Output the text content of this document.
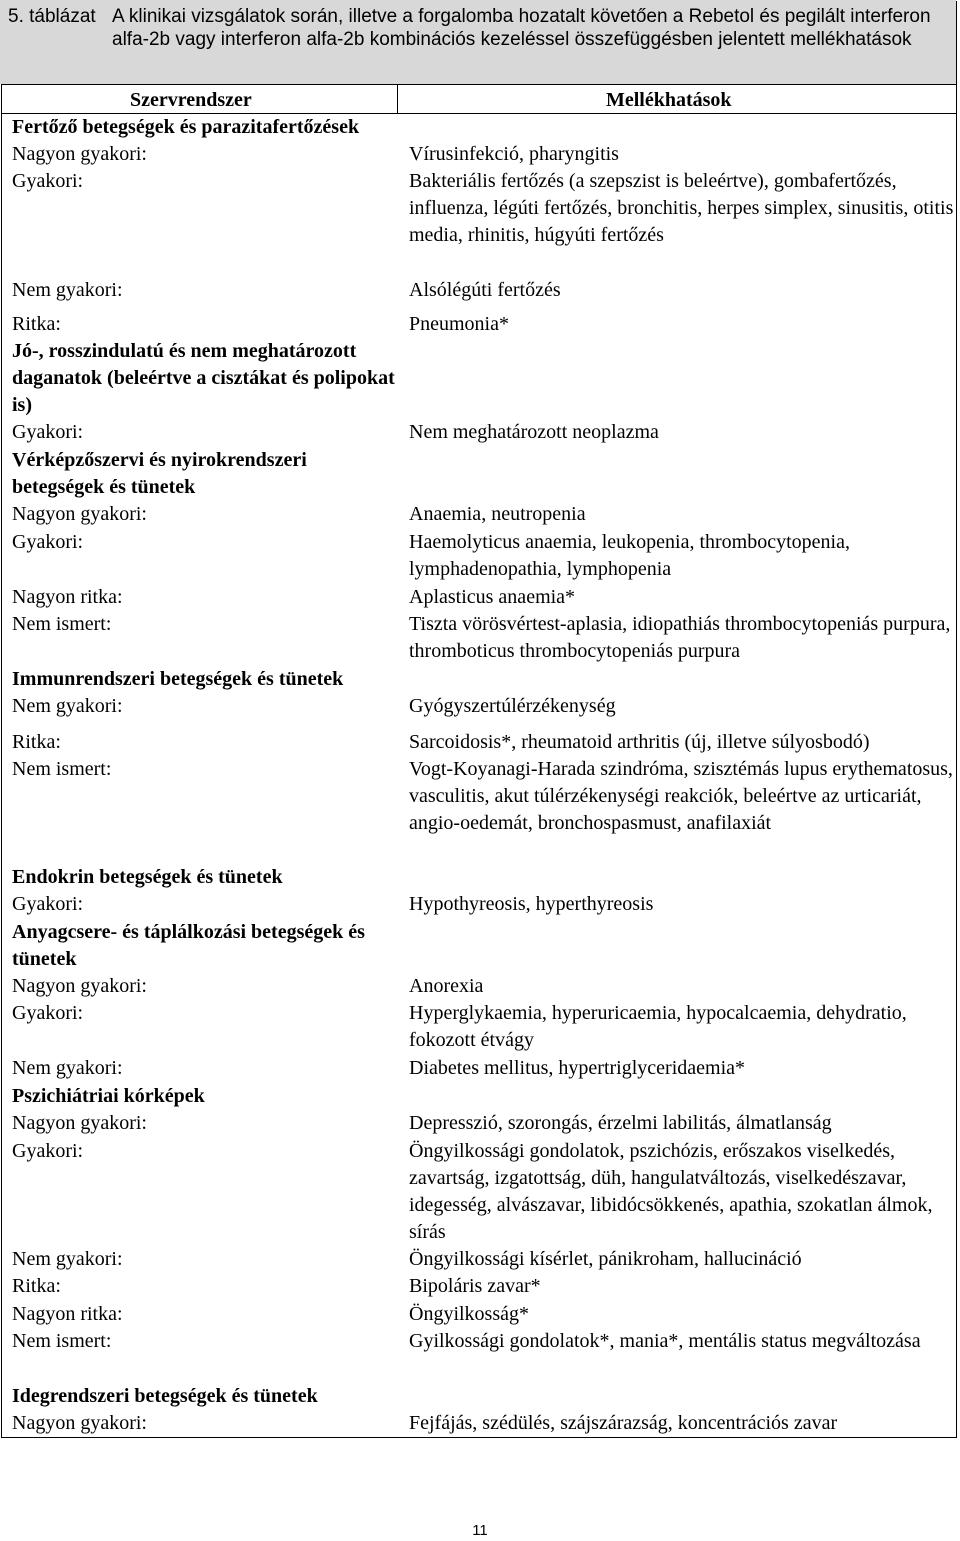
5. táblázat A klinikai vizsgálatok során, illetve a forgalomba hozatalt követően a Rebetol és pegilált interferon alfa-2b vagy interferon alfa-2b kombinációs kezeléssel összefüggésben jelentett mellékhatások
Szervrendszer	Mellékhatások
Fertőző betegségek és parazitafertőzések
Nagyon gyakori:	Vírusinfekció, pharyngitis
Gyakori:	Bakteriális fertőzés (a szepszist is beleértve), gombafertőzés, influenza, légúti fertőzés, bronchitis, herpes simplex, sinusitis, otitis media, rhinitis, húgyúti fertőzés
Nem gyakori:	Alsólégúti fertőzés
Ritka:	Pneumonia*
Jó-, rosszindulatú és nem meghatározott daganatok (beleértve a cisztákat és polipokat is)
Gyakori:	Nem meghatározott neoplazma
Vérképzőszervi és nyirokrendszeri betegségek és tünetek
Nagyon gyakori:	Anaemia, neutropenia
Gyakori:	Haemolyticus anaemia, leukopenia, thrombocytopenia, lymphadenopathia, lymphopenia
Nagyon ritka:	Aplasticus anaemia*
Nem ismert:	Tiszta vörösvértest-aplasia, idiopathiás thrombocytopeniás purpura, thromboticus thrombocytopeniás purpura
Immunrendszeri betegségek és tünetek
Nem gyakori:	Gyógyszertúlérzékenység
Ritka:	Sarcoidosis*, rheumatoid arthritis (új, illetve súlyosbodó)
Nem ismert:	Vogt-Koyanagi-Harada szindróma, szisztémás lupus erythematosus, vasculitis, akut túlérzékenységi reakciók, beleértve az urticariát, angio-oedemát, bronchospasmust, anafilaxiát
Endokrin betegségek és tünetek
Gyakori:	Hypothyreosis, hyperthyreosis
Anyagcsere- és táplálkozási betegségek és tünetek
Nagyon gyakori:	Anorexia
Gyakori:	Hyperglykaemia, hyperuricaemia, hypocalcaemia, dehydratio, fokozott étvágy
Nem gyakori:	Diabetes mellitus, hypertriglyceridaemia*
Pszichiátriai kórképek
Nagyon gyakori:	Depresszió, szorongás, érzelmi labilitás, álmatlanság
Gyakori:	Öngyilkossági gondolatok, pszichózis, erőszakos viselkedés, zavartság, izgatottság, düh, hangulatváltozás, viselkedészavar, idegesség, alvászavar, libidócsökkenés, apathia, szokatlan álmok, sírás
Nem gyakori:	Öngyilkossági kísérlet, pánikroham, hallucináció
Ritka:	Bipoláris zavar*
Nagyon ritka:	Öngyilkosság*
Nem ismert:	Gyilkossági gondolatok*, mania*, mentális status megváltozása
Idegrendszeri betegségek és tünetek
Nagyon gyakori:	Fejfájás, szédülés, szájszárazság, koncentrációs zavar
11
